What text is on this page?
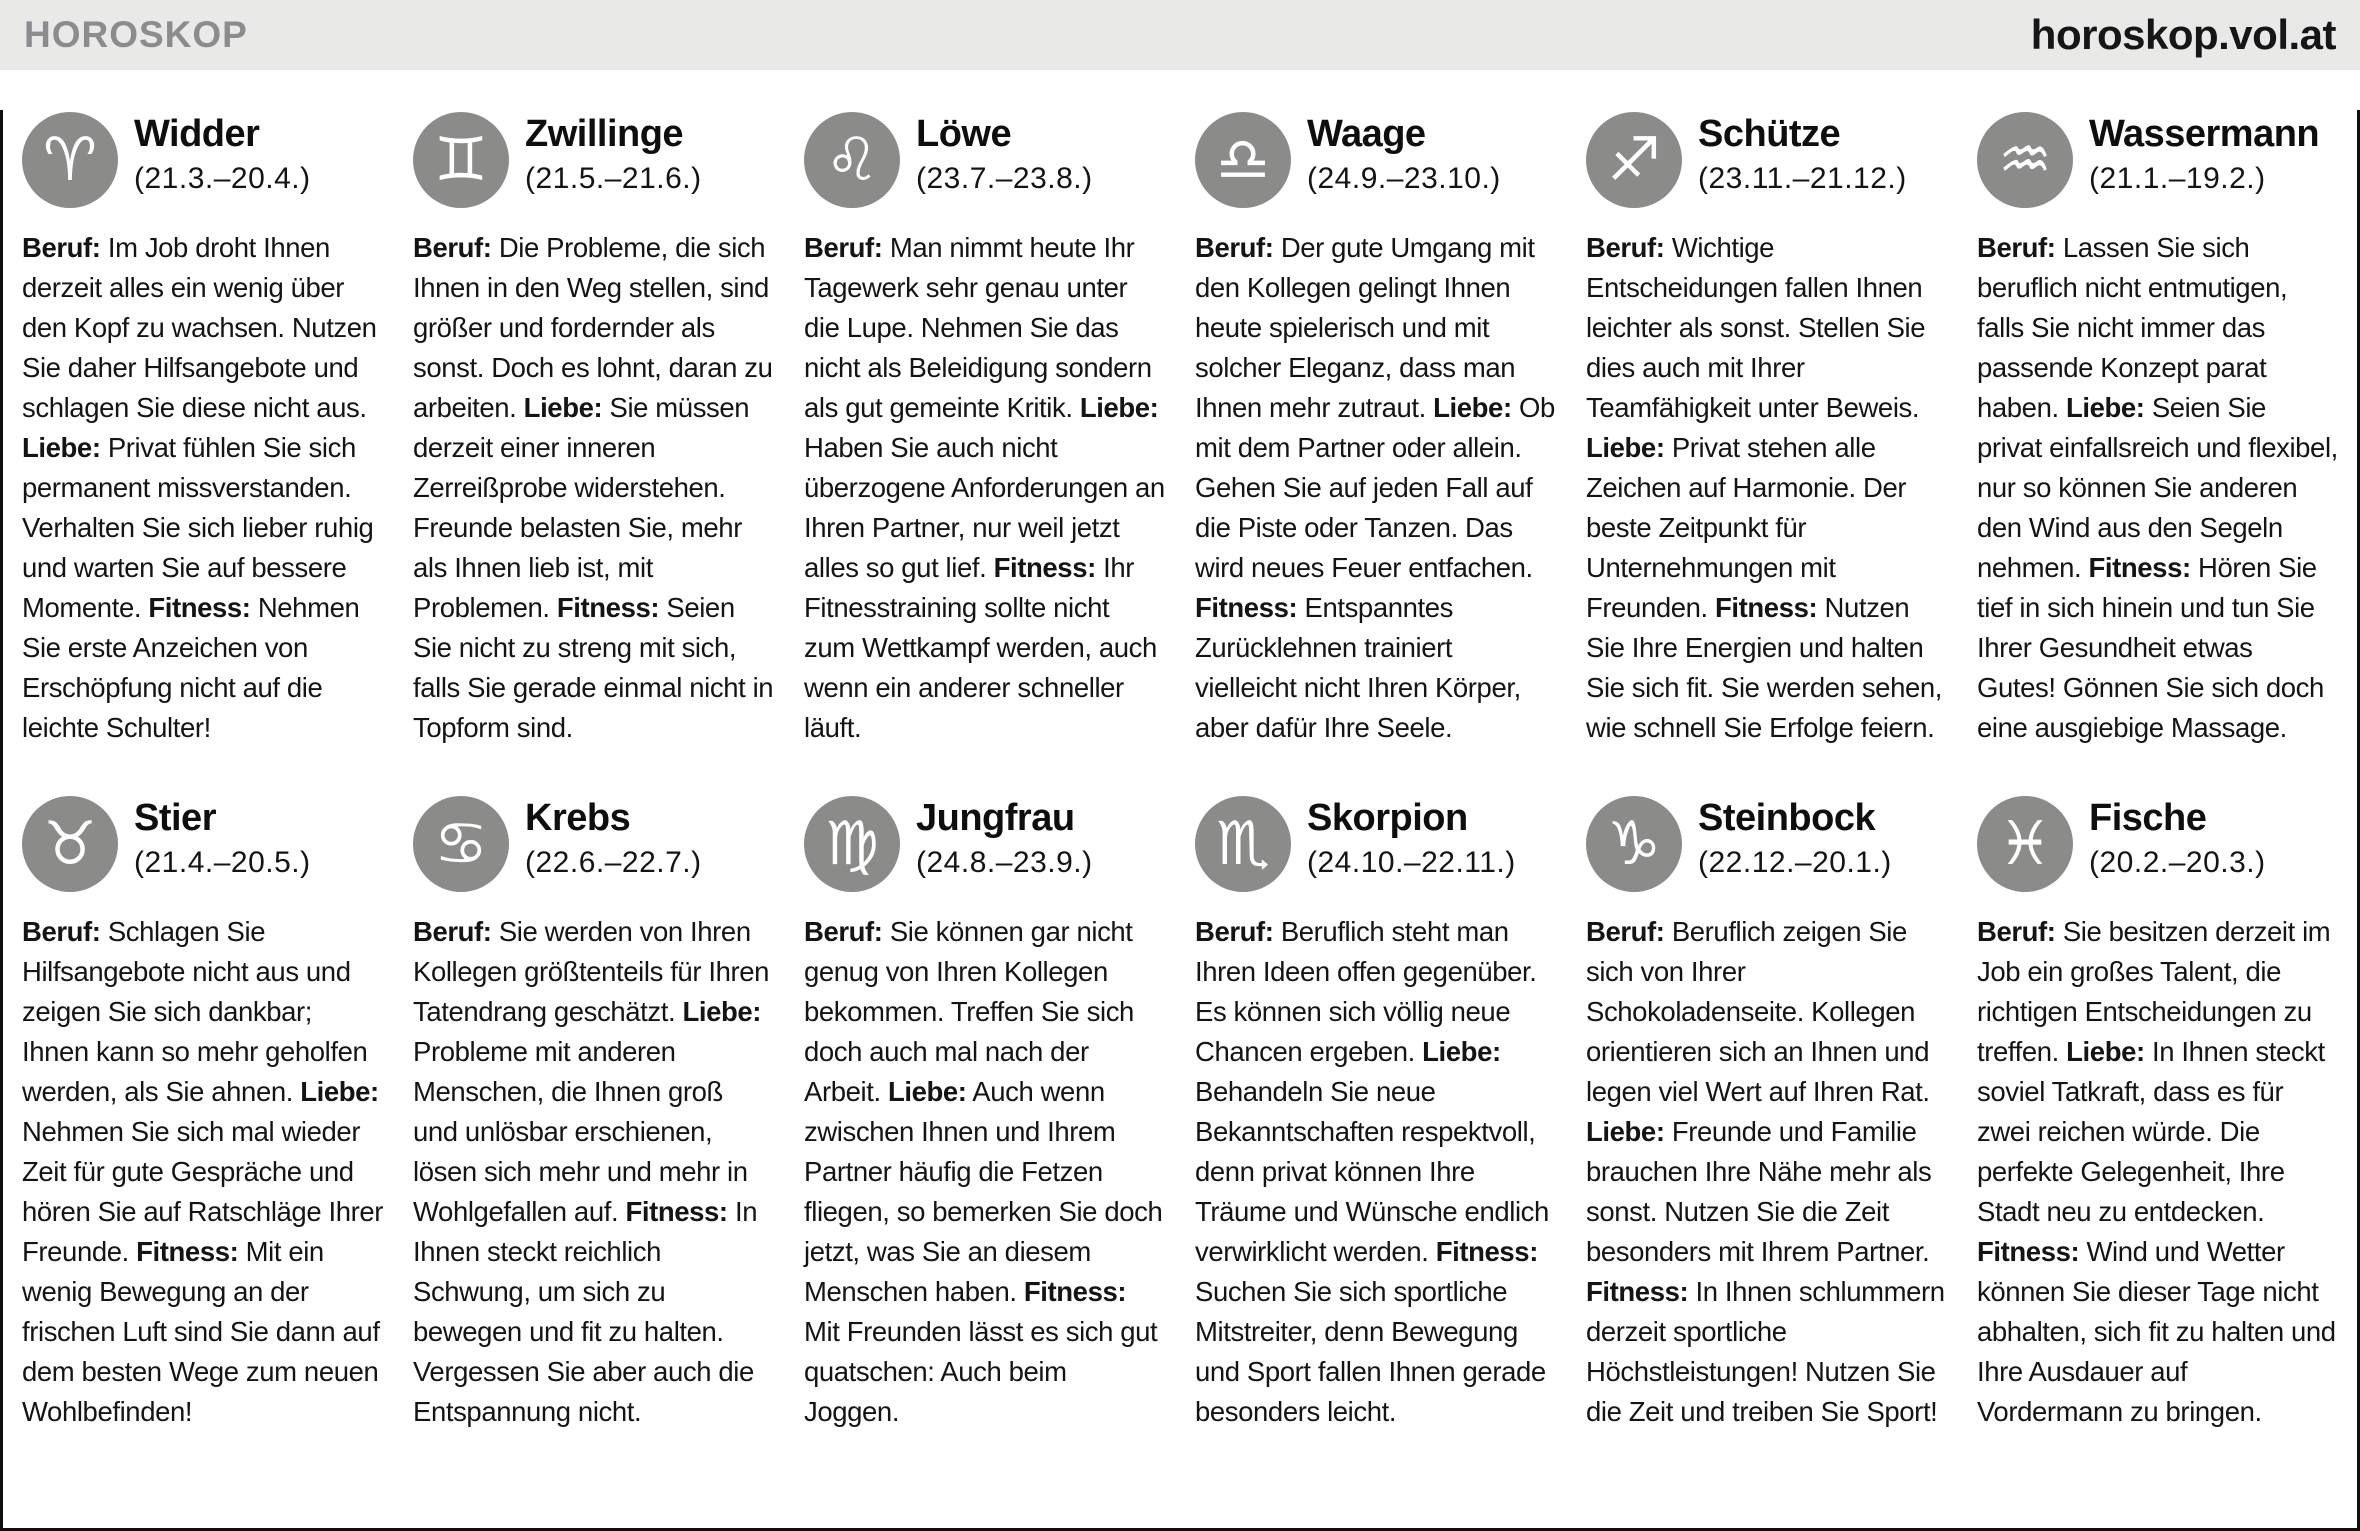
HOROSKOP	horoskop.vol.at
♈ Widder
(21.3.–20.4.)

Beruf: Im Job droht Ihnen derzeit alles ein wenig über den Kopf zu wachsen. Nutzen Sie daher Hilfsangebote und schlagen Sie diese nicht aus. Liebe: Privat fühlen Sie sich permanent missverstanden. Verhalten Sie sich lieber ruhig und warten Sie auf bessere Momente. Fitness: Nehmen Sie erste Anzeichen von Erschöpfung nicht auf die leichte Schulter!

♊ Zwillinge
(21.5.–21.6.)

Beruf: Die Probleme, die sich Ihnen in den Weg stellen, sind größer und fordernder als sonst. Doch es lohnt, daran zu arbeiten. Liebe: Sie müssen derzeit einer inneren Zerreißprobe widerstehen. Freunde belasten Sie, mehr als Ihnen lieb ist, mit Problemen. Fitness: Seien Sie nicht zu streng mit sich, falls Sie gerade einmal nicht in Topform sind.

♌ Löwe
(23.7.–23.8.)

Beruf: Man nimmt heute Ihr Tagewerk sehr genau unter die Lupe. Nehmen Sie das nicht als Beleidigung sondern als gut gemeinte Kritik. Liebe: Haben Sie auch nicht überzogene Anforderungen an Ihren Partner, nur weil jetzt alles so gut lief. Fitness: Ihr Fitnesstraining sollte nicht zum Wettkampf werden, auch wenn ein anderer schneller läuft.

♎ Waage
(24.9.–23.10.)

Beruf: Der gute Umgang mit den Kollegen gelingt Ihnen heute spielerisch und mit solcher Eleganz, dass man Ihnen mehr zutraut. Liebe: Ob mit dem Partner oder allein. Gehen Sie auf jeden Fall auf die Piste oder Tanzen. Das wird neues Feuer entfachen. Fitness: Entspanntes Zurücklehnen trainiert vielleicht nicht Ihren Körper, aber dafür Ihre Seele.

♐ Schütze
(23.11.–21.12.)

Beruf: Wichtige Entscheidungen fallen Ihnen leichter als sonst. Stellen Sie dies auch mit Ihrer Teamfähigkeit unter Beweis. Liebe: Privat stehen alle Zeichen auf Harmonie. Der beste Zeitpunkt für Unternehmungen mit Freunden. Fitness: Nutzen Sie Ihre Energien und halten Sie sich fit. Sie werden sehen, wie schnell Sie Erfolge feiern.

♒ Wassermann
(21.1.–19.2.)

Beruf: Lassen Sie sich beruflich nicht entmutigen, falls Sie nicht immer das passende Konzept parat haben. Liebe: Seien Sie privat einfallsreich und flexibel, nur so können Sie anderen den Wind aus den Segeln nehmen. Fitness: Hören Sie tief in sich hinein und tun Sie Ihrer Gesundheit etwas Gutes! Gönnen Sie sich doch eine ausgiebige Massage.

♉ Stier
(21.4.–20.5.)

Beruf: Schlagen Sie Hilfsangebote nicht aus und zeigen Sie sich dankbar; Ihnen kann so mehr geholfen werden, als Sie ahnen. Liebe: Nehmen Sie sich mal wieder Zeit für gute Gespräche und hören Sie auf Ratschläge Ihrer Freunde. Fitness: Mit ein wenig Bewegung an der frischen Luft sind Sie dann auf dem besten Wege zum neuen Wohlbefinden!

♋ Krebs
(22.6.–22.7.)

Beruf: Sie werden von Ihren Kollegen größtenteils für Ihren Tatendrang geschätzt. Liebe: Probleme mit anderen Menschen, die Ihnen groß und unlösbar erschienen, lösen sich mehr und mehr in Wohlgefallen auf. Fitness: In Ihnen steckt reichlich Schwung, um sich zu bewegen und fit zu halten. Vergessen Sie aber auch die Entspannung nicht.

♍ Jungfrau
(24.8.–23.9.)

Beruf: Sie können gar nicht genug von Ihren Kollegen bekommen. Treffen Sie sich doch auch mal nach der Arbeit. Liebe: Auch wenn zwischen Ihnen und Ihrem Partner häufig die Fetzen fliegen, so bemerken Sie doch jetzt, was Sie an diesem Menschen haben. Fitness: Mit Freunden lässt es sich gut quatschen: Auch beim Joggen.

♏ Skorpion
(24.10.–22.11.)

Beruf: Beruflich steht man Ihren Ideen offen gegenüber. Es können sich völlig neue Chancen ergeben. Liebe: Behandeln Sie neue Bekanntschaften respektvoll, denn privat können Ihre Träume und Wünsche endlich verwirklicht werden. Fitness: Suchen Sie sich sportliche Mitstreiter, denn Bewegung und Sport fallen Ihnen gerade besonders leicht.

♑ Steinbock
(22.12.–20.1.)

Beruf: Beruflich zeigen Sie sich von Ihrer Schokoladenseite. Kollegen orientieren sich an Ihnen und legen viel Wert auf Ihren Rat. Liebe: Freunde und Familie brauchen Ihre Nähe mehr als sonst. Nutzen Sie die Zeit besonders mit Ihrem Partner. Fitness: In Ihnen schlummern derzeit sportliche Höchstleistungen! Nutzen Sie die Zeit und treiben Sie Sport!

♓ Fische
(20.2.–20.3.)

Beruf: Sie besitzen derzeit im Job ein großes Talent, die richtigen Entscheidungen zu treffen. Liebe: In Ihnen steckt soviel Tatkraft, dass es für zwei reichen würde. Die perfekte Gelegenheit, Ihre Stadt neu zu entdecken. Fitness: Wind und Wetter können Sie dieser Tage nicht abhalten, sich fit zu halten und Ihre Ausdauer auf Vordermann zu bringen.
